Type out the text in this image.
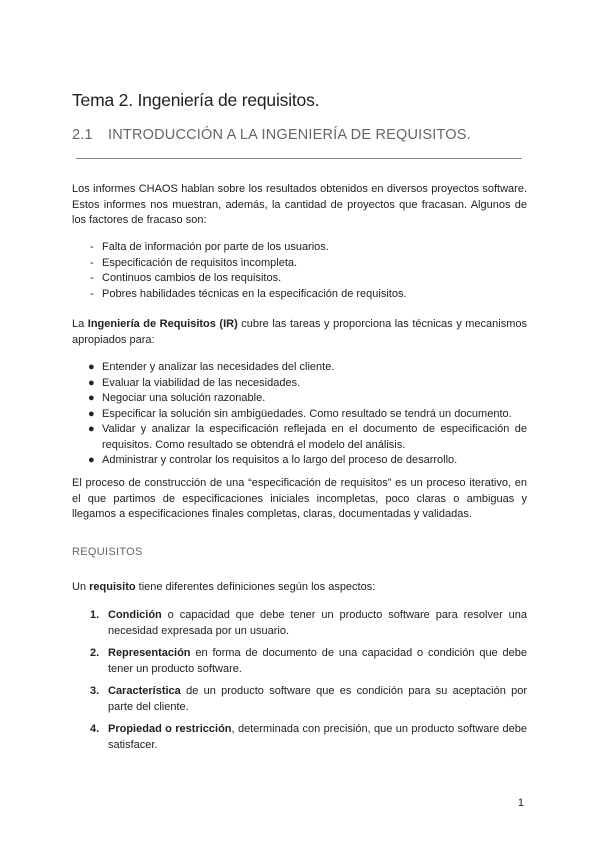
Tema 2. Ingeniería de requisitos.
2.1 INTRODUCCIÓN A LA INGENIERÍA DE REQUISITOS.

Los informes CHAOS hablan sobre los resultados obtenidos en diversos proyectos software. Estos informes nos muestran, además, la cantidad de proyectos que fracasan. Algunos de los factores de fracaso son:

- Falta de información por parte de los usuarios.
- Especificación de requisitos incompleta.
- Continuos cambios de los requisitos.
- Pobres habilidades técnicas en la especificación de requisitos.

La Ingeniería de Requisitos (IR) cubre las tareas y proporciona las técnicas y mecanismos apropiados para:

● Entender y analizar las necesidades del cliente.
● Evaluar la viabilidad de las necesidades.
● Negociar una solución razonable.
● Especificar la solución sin ambigüedades. Como resultado se tendrá un documento.
● Validar y analizar la especificación reflejada en el documento de especificación de requisitos. Como resultado se obtendrá el modelo del análisis.
● Administrar y controlar los requisitos a lo largo del proceso de desarrollo.

El proceso de construcción de una “especificación de requisitos” es un proceso iterativo, en el que partimos de especificaciones iniciales incompletas, poco claras o ambiguas y llegamos a especificaciones finales completas, claras, documentadas y validadas.

REQUISITOS

Un requisito tiene diferentes definiciones según los aspectos:

1. Condición o capacidad que debe tener un producto software para resolver una necesidad expresada por un usuario.
2. Representación en forma de documento de una capacidad o condición que debe tener un producto software.
3. Característica de un producto software que es condición para su aceptación por parte del cliente.
4. Propiedad o restricción, determinada con precisión, que un producto software debe satisfacer.
1
